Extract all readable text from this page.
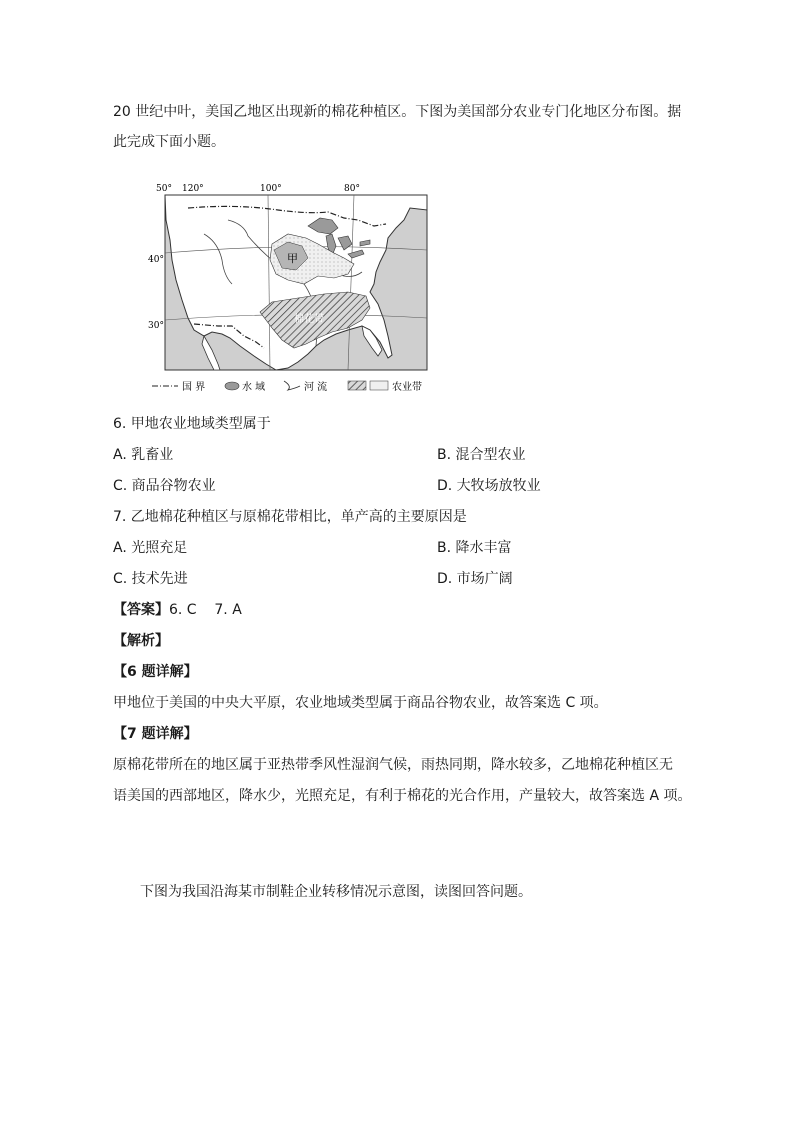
20 世纪中叶，美国乙地区出现新的棉花种植区。下图为美国部分农业专门化地区分布图。据
此完成下面小题。
50° 120°	100°	80°
40°
30°
甲
棉花带
国 界	水 域	河 流	农业带
6. 甲地农业地域类型属于
A. 乳畜业	B. 混合型农业
C. 商品谷物农业	D. 大牧场放牧业
7. 乙地棉花种植区与原棉花带相比，单产高的主要原因是
A. 光照充足	B. 降水丰富
C. 技术先进	D. 市场广阔
【答案】6. C    7. A
【解析】
【6 题详解】
甲地位于美国的中央大平原，农业地域类型属于商品谷物农业，故答案选 C 项。
【7 题详解】
原棉花带所在的地区属于亚热带季风性湿润气候，雨热同期，降水较多，乙地棉花种植区无
语美国的西部地区，降水少，光照充足，有利于棉花的光合作用，产量较大，故答案选 A 项。
下图为我国沿海某市制鞋企业转移情况示意图，读图回答问题。
